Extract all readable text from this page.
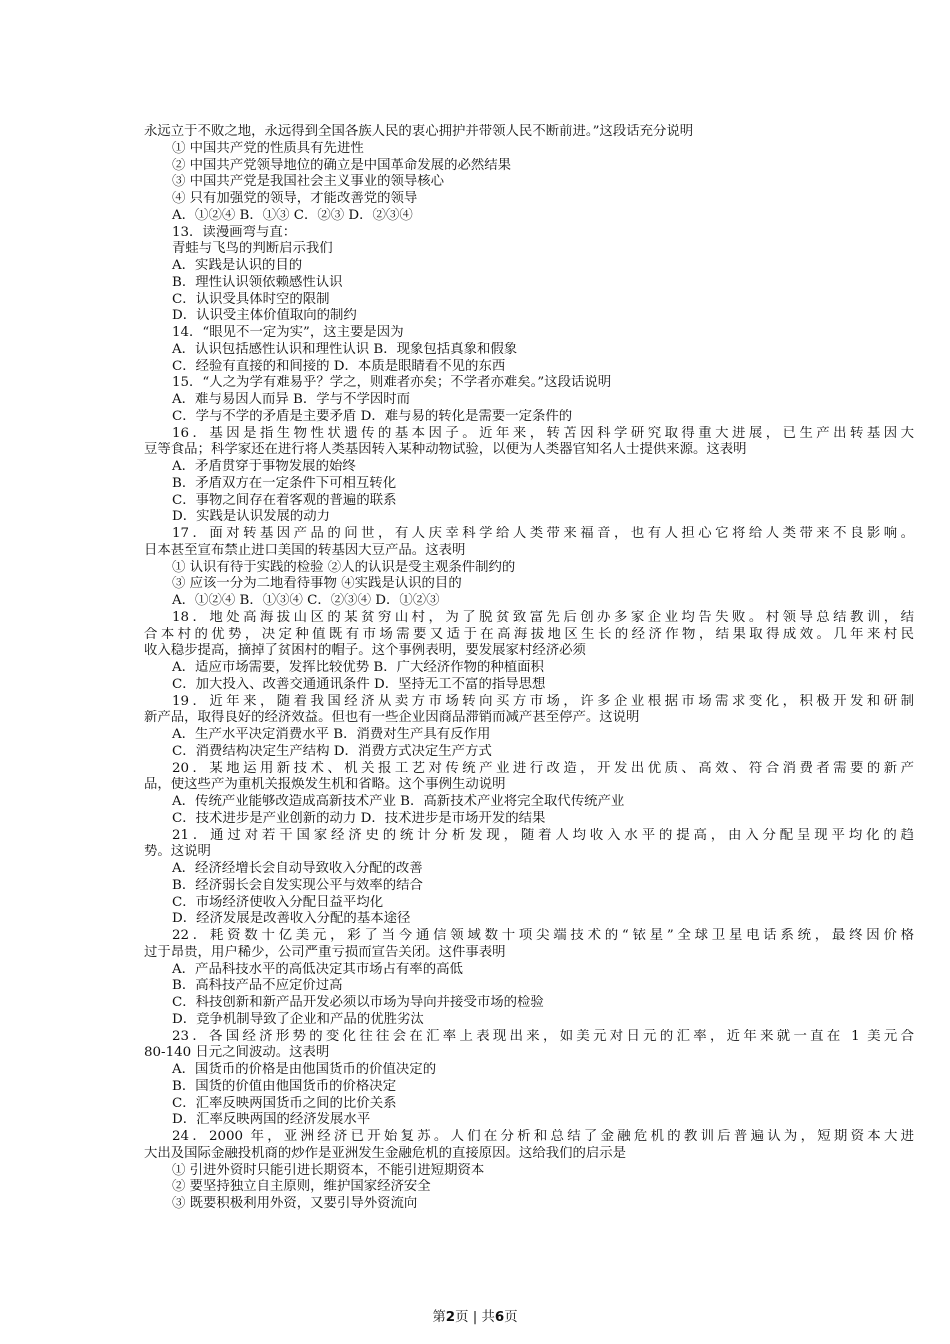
永远立于不败之地，永远得到全国各族人民的衷心拥护并带领人民不断前进。”这段话充分说明
① 中国共产党的性质具有先进性
② 中国共产党领导地位的确立是中国革命发展的必然结果
③ 中国共产党是我国社会主义事业的领导核心
④ 只有加强党的领导，才能改善党的领导
A．①②④ B．①③ C．②③ D．②③④
13．读漫画弯与直：
青蛙与飞鸟的判断启示我们
A．实践是认识的目的
B．理性认识领依赖感性认识
C．认识受具体时空的限制
D．认识受主体价值取向的制约
14．“眼见不一定为实”，这主要是因为
A．认识包括感性认识和理性认识 B．现象包括真象和假象
C．经验有直接的和间接的 D．本质是眼睛看不见的东西
15．“人之为学有难易乎？学之，则难者亦矣；不学者亦难矣。”这段话说明
A．难与易因人而异 B．学与不学因时而
C．学与不学的矛盾是主要矛盾 D．难与易的转化是需要一定条件的
16．基因是指生物性状遗传的基本因子。近年来，转苫因科学研究取得重大进展，已生产出转基因大
豆等食品；科学家还在进行将人类基因转入某种动物试验，以便为人类器官知名人士提供来源。这表明
A．矛盾贯穿于事物发展的始终
B．矛盾双方在一定条件下可相互转化
C．事物之间存在着客观的普遍的联系
D．实践是认识发展的动力
17．面对转基因产品的问世，有人庆幸科学给人类带来福音，也有人担心它将给人类带来不良影响。
日本甚至宣布禁止进口美国的转基因大豆产品。这表明
① 认识有待于实践的检验 ②人的认识是受主观条件制约的
③ 应该一分为二地看待事物 ④实践是认识的目的
A．①②④ B．①③④ C．②③④ D．①②③
18．地处高海拔山区的某贫穷山村，为了脱贫致富先后创办多家企业均告失败。村领导总结教训，结
合本村的优势，决定种值既有市场需要又适于在高海拔地区生长的经济作物，结果取得成效。几年来村民
收入稳步提高，摘掉了贫困村的帽子。这个事例表明，要发展家村经济必须
A．适应市场需要，发挥比较优势 B．广大经济作物的种植面积
C．加大投入、改善交通通讯条件 D．坚持无工不富的指导思想
19．近年来，随着我国经济从卖方市场转向买方市场，许多企业根据市场需求变化，积极开发和研制
新产品，取得良好的经济效益。但也有一些企业因商品滞销而减产甚至停产。这说明
A．生产水平决定消费水平 B．消费对生产具有反作用
C．消费结构决定生产结构 D．消费方式决定生产方式
20．某地运用新技术、机关报工艺对传统产业进行改造，开发出优质、高效、符合消费者需要的新产
品，使这些产为重机关报焕发生机和省略。这个事例生动说明
A．传统产业能够改造成高新技术产业 B．高新技术产业将完全取代传统产业
C．技术进步是产业创新的动力 D．技术进步是市场开发的结果
21．通过对若干国家经济史的统计分析发现，随着人均收入水平的提高，由入分配呈现平均化的趋
势。这说明
A．经济经增长会自动导致收入分配的改善
B．经济弱长会自发实现公平与效率的结合
C．市场经济使收入分配日益平均化
D．经济发展是改善收入分配的基本途径
22．耗资数十亿美元，彩了当今通信领域数十项尖端技术的“铱星”全球卫星电话系统，最终因价格
过于昂贵，用户稀少，公司严重亏损而宣告关闭。这件事表明
A．产品科技水平的高低决定其市场占有率的高低
B．高科技产品不应定价过高
C．科技创新和新产品开发必须以市场为导向并接受市场的检验
D．竞争机制导致了企业和产品的优胜劣汰
23．各国经济形势的变化往往会在汇率上表现出来，如美元对日元的汇率，近年来就一直在 1 美元合
80-140 日元之间波动。这表明
A．国货币的价格是由他国货币的价值决定的
B．国货的价值由他国货币的价格决定
C．汇率反映两国货币之间的比价关系
D．汇率反映两国的经济发展水平
24．2000 年，亚洲经济已开始复苏。人们在分析和总结了金融危机的教训后普遍认为，短期资本大进
大出及国际金融投机商的炒作是亚洲发生金融危机的直接原因。这给我们的启示是
① 引进外资时只能引进长期资本，不能引进短期资本
② 要坚持独立自主原则，维护国家经济安全
③ 既要积极利用外资，又要引导外资流向
第2页 | 共6页
